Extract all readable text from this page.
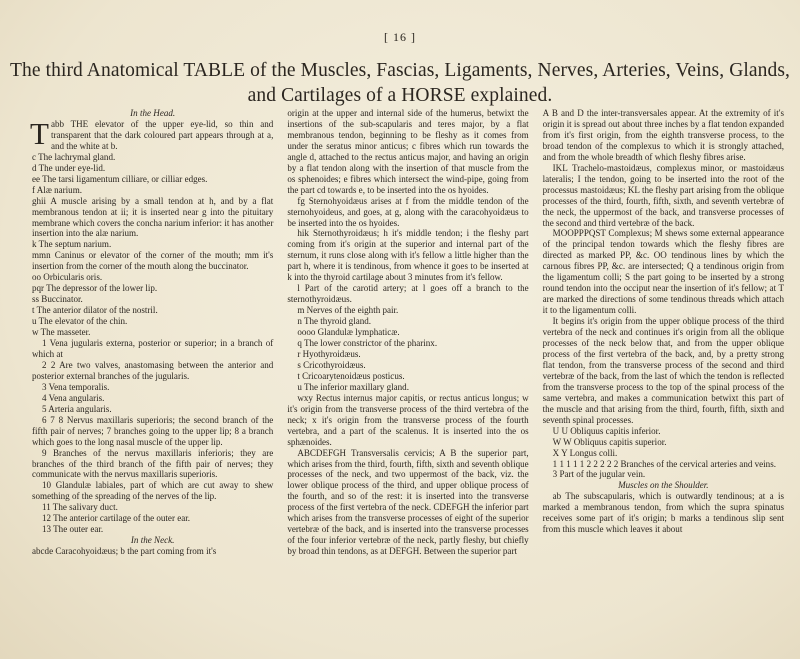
[ 16 ]
The third Anatomical TABLE of the Muscles, Fascias, Ligaments, Nerves, Arteries, Veins, Glands,
and Cartilages of a HORSE explained.

In the Head.

Tabb THE elevator of the upper eye-lid, so thin and transparent that the dark coloured part appears through at a, and the white at b.

c The lachrymal gland.

d The under eye-lid.

ee The tarsi ligamentum cilliare, or cilliar edges.

f Alæ narium.

ghii A muscle arising by a small tendon at h, and by a flat membranous tendon at ii; it is inserted near g into the pituitary membrane which covers the concha narium inferior: it has another insertion into the alæ narium.

k The septum narium.

mmn Caninus or elevator of the corner of the mouth; mm it's insertion from the corner of the mouth along the buccinator.

oo Orbicularis oris.

pqr The depressor of the lower lip.

ss Buccinator.

t The anterior dilator of the nostril.

u The elevator of the chin.

w The masseter.

1 Vena jugularis externa, posterior or superior; in a branch of which at

2 2 Are two valves, anastomasing between the anterior and posterior external branches of the jugularis.

3 Vena temporalis.

4 Vena angularis.

5 Arteria angularis.

6 7 8 Nervus maxillaris superioris; the second branch of the fifth pair of nerves; 7 branches going to the upper lip; 8 a branch which goes to the long nasal muscle of the upper lip.

9 Branches of the nervus maxillaris inferioris; they are branches of the third branch of the fifth pair of nerves; they communicate with the nervus maxillaris superioris.

10 Glandulæ labiales, part of which are cut away to shew something of the spreading of the nerves of the lip.

11 The salivary duct.

12 The anterior cartilage of the outer ear.

13 The outer ear.

In the Neck.

abcde Caracohyoidæus; b the part coming from it's

origin at the upper and internal side of the humerus, betwixt the insertions of the sub-scapularis and teres major, by a flat membranous tendon, beginning to be fleshy as it comes from under the seratus minor anticus; c fibres which run towards the angle d, attached to the rectus anticus major, and having an origin by a flat tendon along with the insertion of that muscle from the os sphenoides; e fibres which intersect the wind-pipe, going from the part cd towards e, to be inserted into the os hyoides.

fg Sternohyoidæus arises at f from the middle tendon of the sternohyoideus, and goes, at g, along with the caracohyoidæus to be inserted into the os hyoides.

hik Sternothyroidæus; h it's middle tendon; i the fleshy part coming from it's origin at the superior and internal part of the sternum, it runs close along with it's fellow a little higher than the part h, where it is tendinous, from whence it goes to be inserted at k into the thyroid cartilage about 3 minutes from it's fellow.

l Part of the carotid artery; at l goes off a branch to the sternothyroidæus.

m Nerves of the eighth pair.

n The thyroid gland.

oooo Glandulæ lymphaticæ.

q The lower constrictor of the pharinx.

r Hyothyroidæus.

s Cricothyroidæus.

t Cricoarytenoidæus posticus.

u The inferior maxillary gland.

wxy Rectus internus major capitis, or rectus anticus longus; w it's origin from the transverse process of the third vertebra of the neck; x it's origin from the transverse process of the fourth vertebra, and a part of the scalenus. It is inserted into the os sphænoides.

ABCDEFGH Transversalis cervicis; A B the superior part, which arises from the third, fourth, fifth, sixth and seventh oblique processes of the neck, and two uppermost of the back, viz. the lower oblique process of the third, and upper oblique process of the fourth, and so of the rest: it is inserted into the transverse process of the first vertebra of the neck. CDEFGH the inferior part which arises from the transverse processes of eight of the superior vertebræ of the back, and is inserted into the transverse processes of the four inferior vertebræ of the neck, partly fleshy, but chiefly by broad thin tendons, as at DEFGH. Between the superior part

A B and D the inter-transversales appear. At the extremity of it's origin it is spread out about three inches by a flat tendon expanded from it's first origin, from the eighth transverse process, to the broad tendon of the complexus to which it is strongly attached, and from the whole breadth of which fleshy fibres arise.

IKL Trachelo-mastoidæus, complexus minor, or mastoidæus lateralis; I the tendon, going to be inserted into the root of the processus mastoidæus; KL the fleshy part arising from the oblique processes of the third, fourth, fifth, sixth, and seventh vertebræ of the neck, the uppermost of the back, and transverse processes of the second and third vertebræ of the back.

MOOPPPQST Complexus; M shews some external appearance of the principal tendon towards which the fleshy fibres are directed as marked PP, &c. OO tendinous lines by which the carnous fibres PP, &c. are intersected; Q a tendinous origin from the ligamentum colli; S the part going to be inserted by a strong round tendon into the occiput near the insertion of it's fellow; at T are marked the directions of some tendinous threads which attach it to the ligamentum colli.

It begins it's origin from the upper oblique process of the third vertebra of the neck and continues it's origin from all the oblique processes of the neck below that, and from the upper oblique process of the first vertebra of the back, and, by a pretty strong flat tendon, from the transverse process of the second and third vertebræ of the back, from the last of which the tendon is reflected from the transverse process to the top of the spinal process of the same vertebra, and makes a communication betwixt this part of the muscle and that arising from the third, fourth, fifth, sixth and seventh spinal processes.

U U Obliquus capitis inferior.

W W Obliquus capitis superior.

X Y Longus colli.

1 1 1 1 1 2 2 2 2 2 Branches of the cervical arteries and veins.

3 Part of the jugular vein.

Muscles on the Shoulder.

ab The subscapularis, which is outwardly tendinous; at a is marked a membranous tendon, from which the supra spinatus receives some part of it's origin; b marks a tendinous slip sent from this muscle which leaves it about
